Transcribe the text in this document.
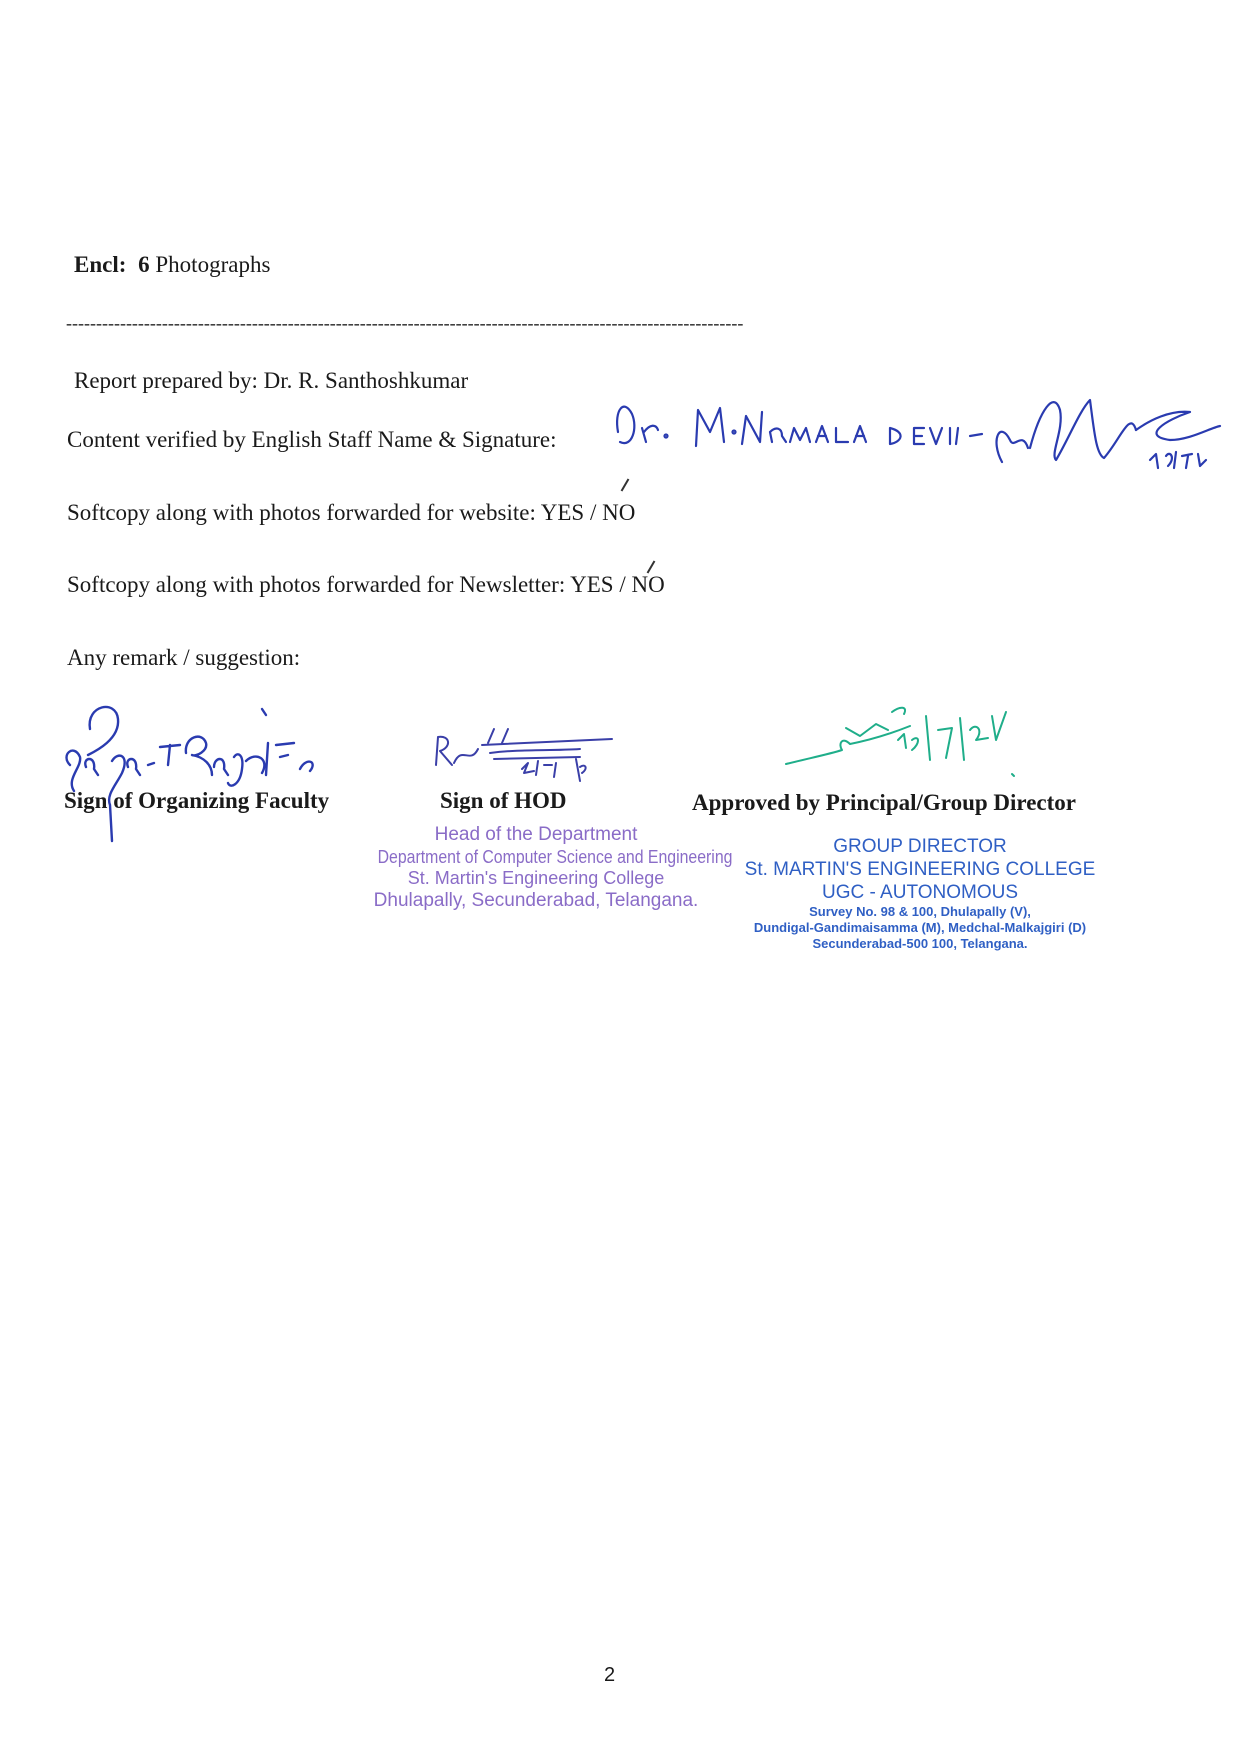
Encl: 6 Photographs
-----------------------------------------------------------------------------------------------------------------
Report prepared by: Dr. R. Santhoshkumar
Content verified by English Staff Name & Signature:
Softcopy along with photos forwarded for website: YES / NO
Softcopy along with photos forwarded for Newsletter: YES / NO
Any remark / suggestion:
Sign of Organizing Faculty	Sign of HOD	Approved by Principal/Group Director
Head of the Department
Department of Computer Science and Engineering
St. Martin's Engineering College
Dhulapally, Secunderabad, Telangana.
GROUP DIRECTOR
St. MARTIN'S ENGINEERING COLLEGE
UGC - AUTONOMOUS
Survey No. 98 & 100, Dhulapally (V),
Dundigal-Gandimaisamma (M), Medchal-Malkajgiri (D)
Secunderabad-500 100, Telangana.
2
